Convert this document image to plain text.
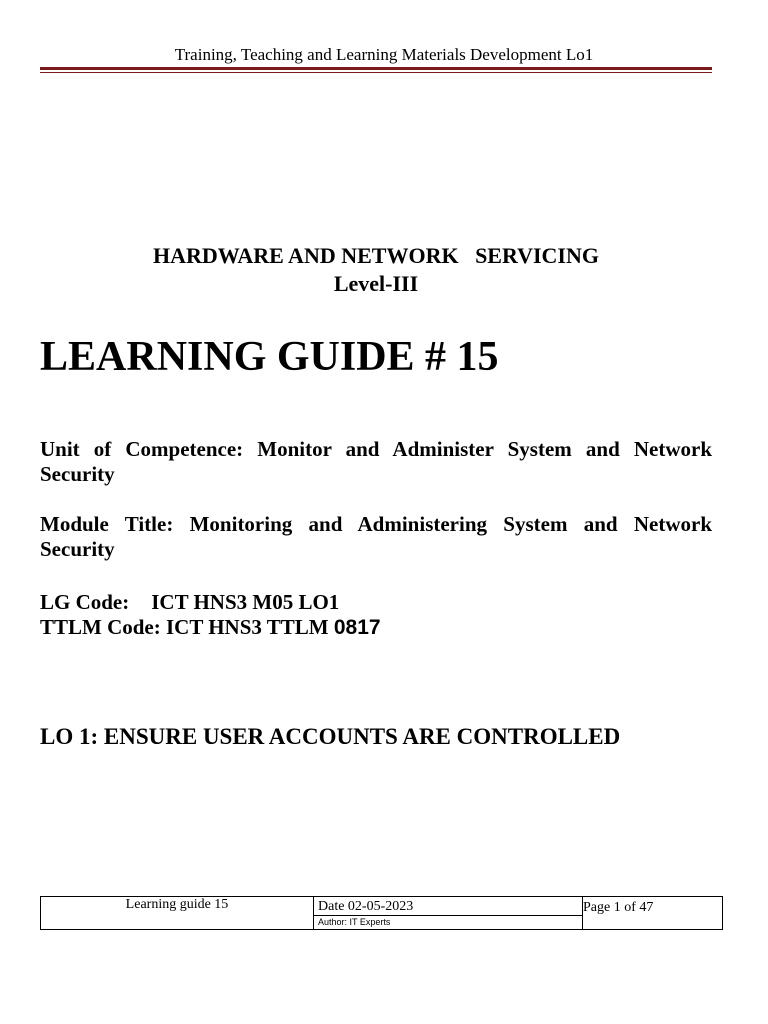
Training, Teaching and Learning Materials Development Lo1
HARDWARE AND NETWORK   SERVICING
Level-III
LEARNING GUIDE # 15
Unit of Competence: Monitor and Administer System and Network Security
Module Title: Monitoring and Administering System and Network Security
LG Code: ICT HNS3 M05 LO1
TTLM Code: ICT HNS3 TTLM 0817
LO 1: ENSURE USER ACCOUNTS ARE CONTROLLED
Learning guide 15	Date 02-05-2023
Author: IT Experts

Page 1 of 47
